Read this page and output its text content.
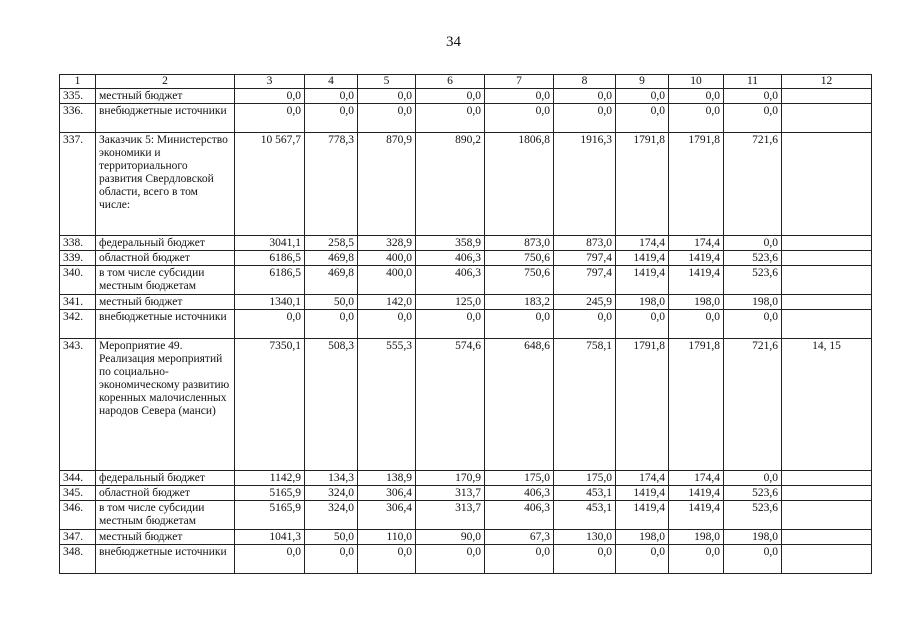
34
1	2	3	4	5	6	7	8	9	10	11	12
335.	местный бюджет	0,0	0,0	0,0	0,0	0,0	0,0	0,0	0,0	0,0	
336.	внебюджетные источники	0,0	0,0	0,0	0,0	0,0	0,0	0,0	0,0	0,0	
337.	Заказчик 5: Министерство экономики и территориального развития Свердловской области, всего в том числе:	10 567,7	778,3	870,9	890,2	1806,8	1916,3	1791,8	1791,8	721,6	
338.	федеральный бюджет	3041,1	258,5	328,9	358,9	873,0	873,0	174,4	174,4	0,0	
339.	областной бюджет	6186,5	469,8	400,0	406,3	750,6	797,4	1419,4	1419,4	523,6	
340.	в том числе субсидии местным бюджетам	6186,5	469,8	400,0	406,3	750,6	797,4	1419,4	1419,4	523,6	
341.	местный бюджет	1340,1	50,0	142,0	125,0	183,2	245,9	198,0	198,0	198,0	
342.	внебюджетные источники	0,0	0,0	0,0	0,0	0,0	0,0	0,0	0,0	0,0	
343.	Мероприятие 49. Реализация мероприятий по социально-экономическому развитию коренных малочисленных народов Севера (манси)	7350,1	508,3	555,3	574,6	648,6	758,1	1791,8	1791,8	721,6	14, 15
344.	федеральный бюджет	1142,9	134,3	138,9	170,9	175,0	175,0	174,4	174,4	0,0	
345.	областной бюджет	5165,9	324,0	306,4	313,7	406,3	453,1	1419,4	1419,4	523,6	
346.	в том числе субсидии местным бюджетам	5165,9	324,0	306,4	313,7	406,3	453,1	1419,4	1419,4	523,6	
347.	местный бюджет	1041,3	50,0	110,0	90,0	67,3	130,0	198,0	198,0	198,0	
348.	внебюджетные источники	0,0	0,0	0,0	0,0	0,0	0,0	0,0	0,0	0,0	
